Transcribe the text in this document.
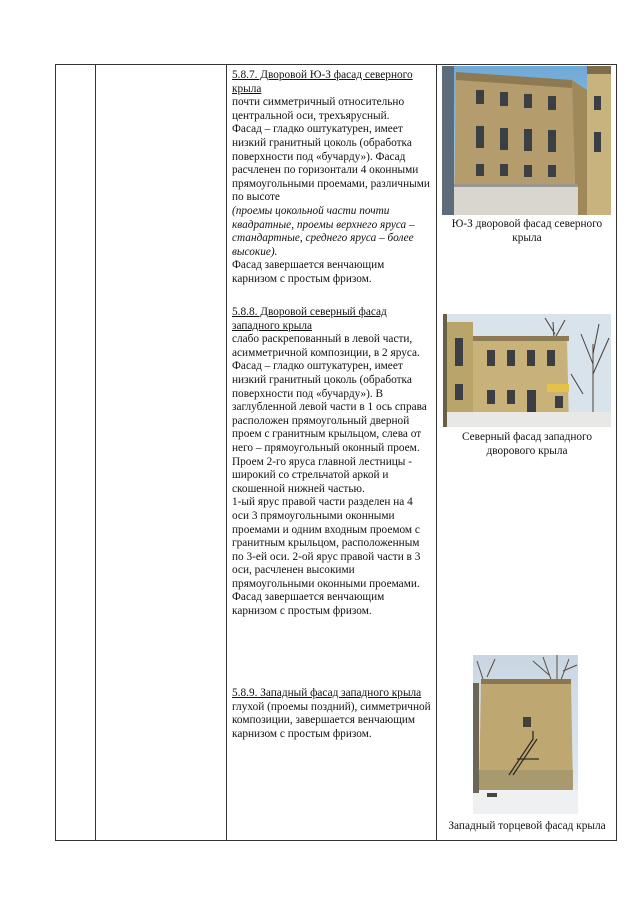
5.8.7. Дворовой Ю-З фасад северного крыла

почти симметричный относительно центральной оси, трехъярусный.

Фасад – гладко оштукатурен, имеет низкий гранитный цоколь (обработка поверхности под «бучарду»). Фасад расчленен по горизонтали 4 оконными прямоугольными проемами, различными по высоте

(проемы цокольной части почти квадратные, проемы верхнего яруса – стандартные, среднего яруса – более высокие).

Фасад завершается венчающим карнизом с простым фризом.

5.8.8. Дворовой северный фасад западного крыла

слабо раскрепованный в левой части, асимметричной композиции, в 2 яруса.

Фасад – гладко оштукатурен, имеет низкий гранитный цоколь (обработка поверхности под «бучарду»). В заглубленной левой части в 1 ось справа расположен прямоугольный дверной проем с гранитным крыльцом, слева от него – прямоугольный оконный проем.

Проем 2-го яруса главной лестницы - широкий со стрельчатой аркой и скошенной нижней частью.

1-ый ярус правой части разделен на 4 оси 3 прямоугольными оконными проемами и одним входным проемом с гранитным крыльцом, расположенным по 3-ей оси. 2-ой ярус правой части в 3 оси, расчленен высокими прямоугольными оконными проемами.

Фасад завершается венчающим карнизом с простым фризом.

5.8.9. Западный фасад западного крыла

глухой (проемы поздний), симметричной композиции, завершается венчающим карнизом с простым фризом.

Ю-З дворовой фасад северного крыла
Северный фасад западного дворового крыла
Западный торцевой фасад крыла
